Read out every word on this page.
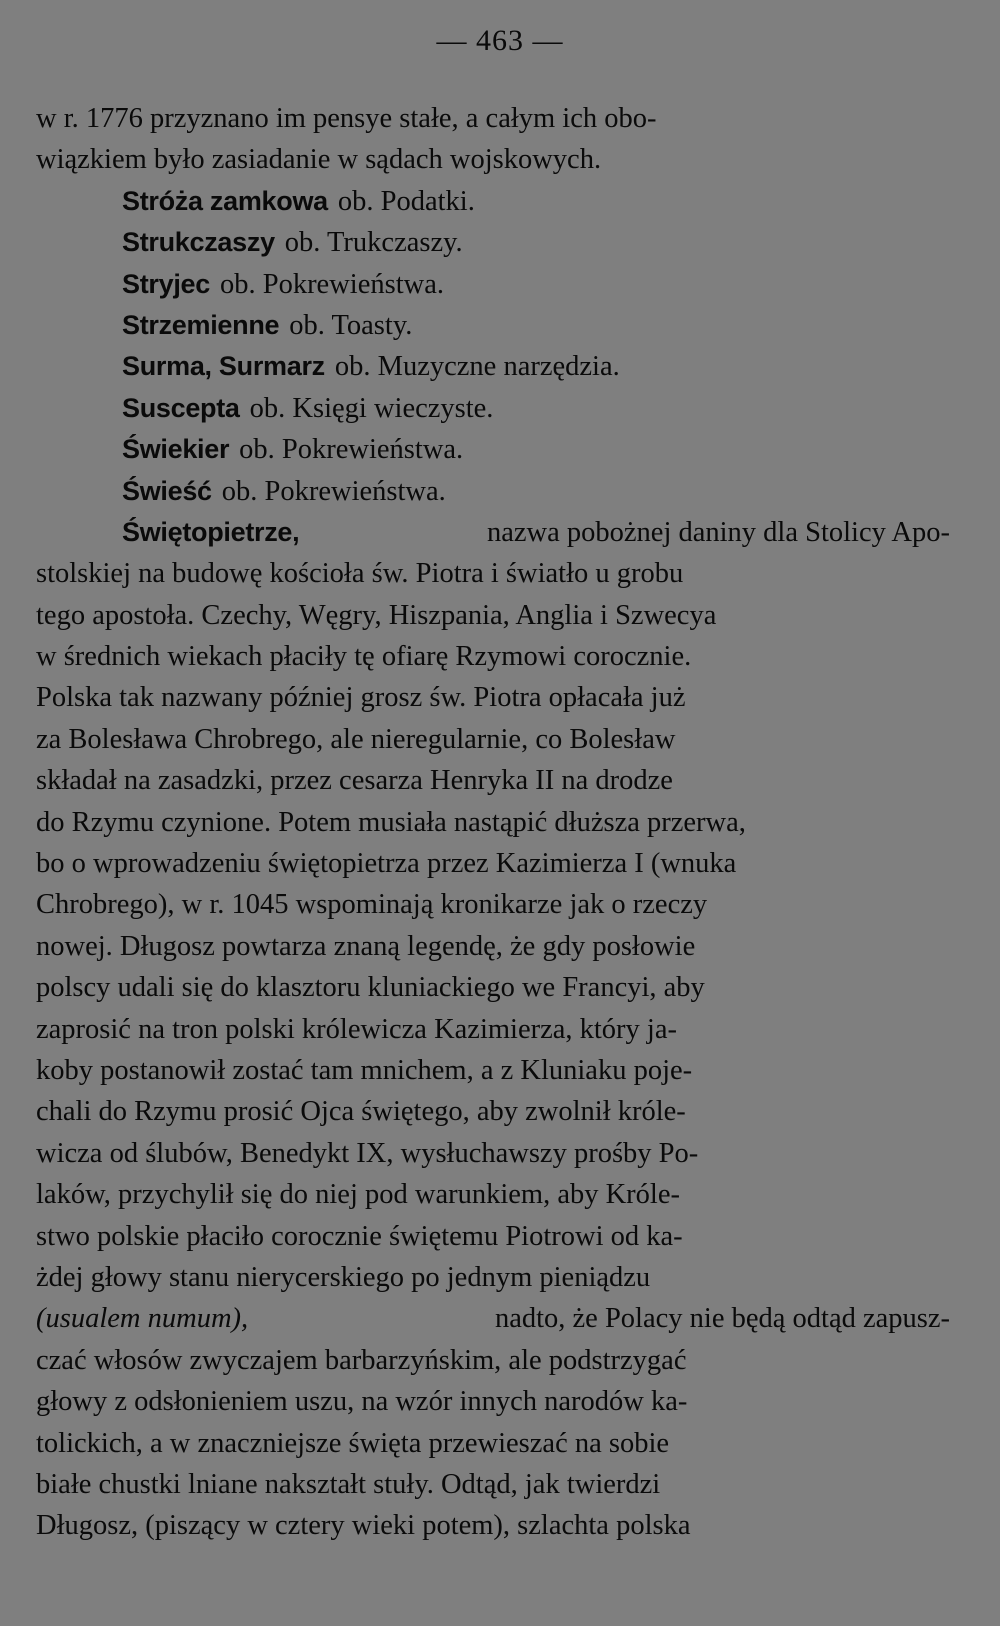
— 463 —
w r. 1776 przyznano im pensye stałe, a całym ich obo-
wiązkiem było zasiadanie w sądach wojskowych.
Stróża zamkowa ob. Podatki.
Strukczaszy ob. Trukczaszy.
Stryjec ob. Pokrewieństwa.
Strzemienne ob. Toasty.
Surma, Surmarz ob. Muzyczne narzędzia.
Suscepta ob. Księgi wieczyste.
Świekier ob. Pokrewieństwa.
Świeść ob. Pokrewieństwa.
Świętopietrze,	nazwa pobożnej daniny dla Stolicy Apo-
stolskiej na budowę kościoła św. Piotra i światło u grobu
tego apostoła. Czechy, Węgry, Hiszpania, Anglia i Szwecya
w średnich wiekach płaciły tę ofiarę Rzymowi corocznie.
Polska tak nazwany później grosz św. Piotra opłacała już
za Bolesława Chrobrego, ale nieregularnie, co Bolesław
składał na zasadzki, przez cesarza Henryka II na drodze
do Rzymu czynione. Potem musiała nastąpić dłuższa przerwa,
bo o wprowadzeniu świętopietrza przez Kazimierza I (wnuka
Chrobrego), w r. 1045 wspominają kronikarze jak o rzeczy
nowej. Długosz powtarza znaną legendę, że gdy posłowie
polscy udali się do klasztoru kluniackiego we Francyi, aby
zaprosić na tron polski królewicza Kazimierza, który ja-
koby postanowił zostać tam mnichem, a z Kluniaku poje-
chali do Rzymu prosić Ojca świętego, aby zwolnił króle-
wicza od ślubów, Benedykt IX, wysłuchawszy prośby Po-
laków, przychylił się do niej pod warunkiem, aby Króle-
stwo polskie płaciło corocznie świętemu Piotrowi od ka-
żdej głowy stanu nierycerskiego po jednym pieniądzu
(usualem numum),	nadto, że Polacy nie będą odtąd zapusz-
czać włosów zwyczajem barbarzyńskim, ale podstrzygać
głowy z odsłonieniem uszu, na wzór innych narodów ka-
tolickich, a w znaczniejsze święta przewieszać na sobie
białe chustki lniane nakształt stuły. Odtąd, jak twierdzi
Długosz, (piszący w cztery wieki potem), szlachta polska
